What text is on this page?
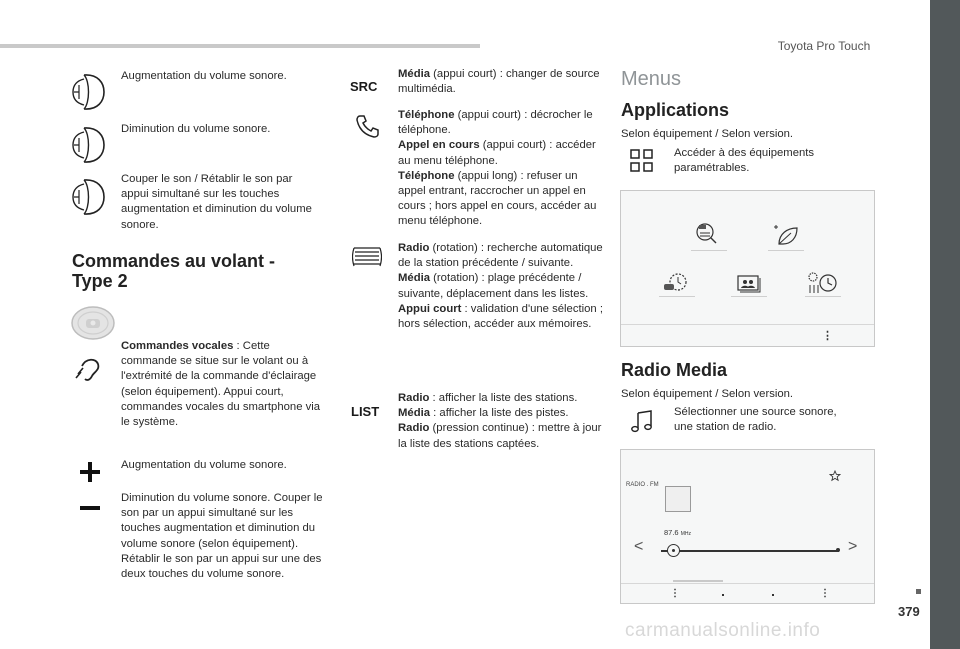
Toyota Pro Touch
379
carmanualsonline.info
Augmentation du volume sonore.
Diminution du volume sonore.
Couper le son / Rétablir le son par appui simultané sur les touches augmentation et diminution du volume sonore.
Commandes au volant - Type 2
Commandes vocales : Cette commande se situe sur le volant ou à l'extrémité de la commande d'éclairage (selon équipement). Appui court, commandes vocales du smartphone via le système.
Augmentation du volume sonore.
Diminution du volume sonore. Couper le son par un appui simultané sur les touches augmentation et diminution du volume sonore (selon équipement). Rétablir le son par un appui sur une des deux touches du volume sonore.
SRC
Média (appui court) : changer de source multimédia.
Téléphone (appui court) : décrocher le téléphone.
Appel en cours (appui court) : accéder au menu téléphone.
Téléphone (appui long) : refuser un appel entrant, raccrocher un appel en cours ; hors appel en cours, accéder au menu téléphone.
Radio (rotation) : recherche automatique de la station précédente / suivante.
Média (rotation) : plage précédente / suivante, déplacement dans les listes.
Appui court : validation d'une sélection ; hors sélection, accéder aux mémoires.
LIST
Radio : afficher la liste des stations.
Média : afficher la liste des pistes.
Radio (pression continue) : mettre à jour la liste des stations captées.
Menus
Applications
Selon équipement / Selon version.
Accéder à des équipements paramétrables.
⋮
Radio Media
Selon équipement / Selon version.
Sélectionner une source sonore, une station de radio.
RADIO . FM
87.6 MHz
<	>
⋮	⋮
